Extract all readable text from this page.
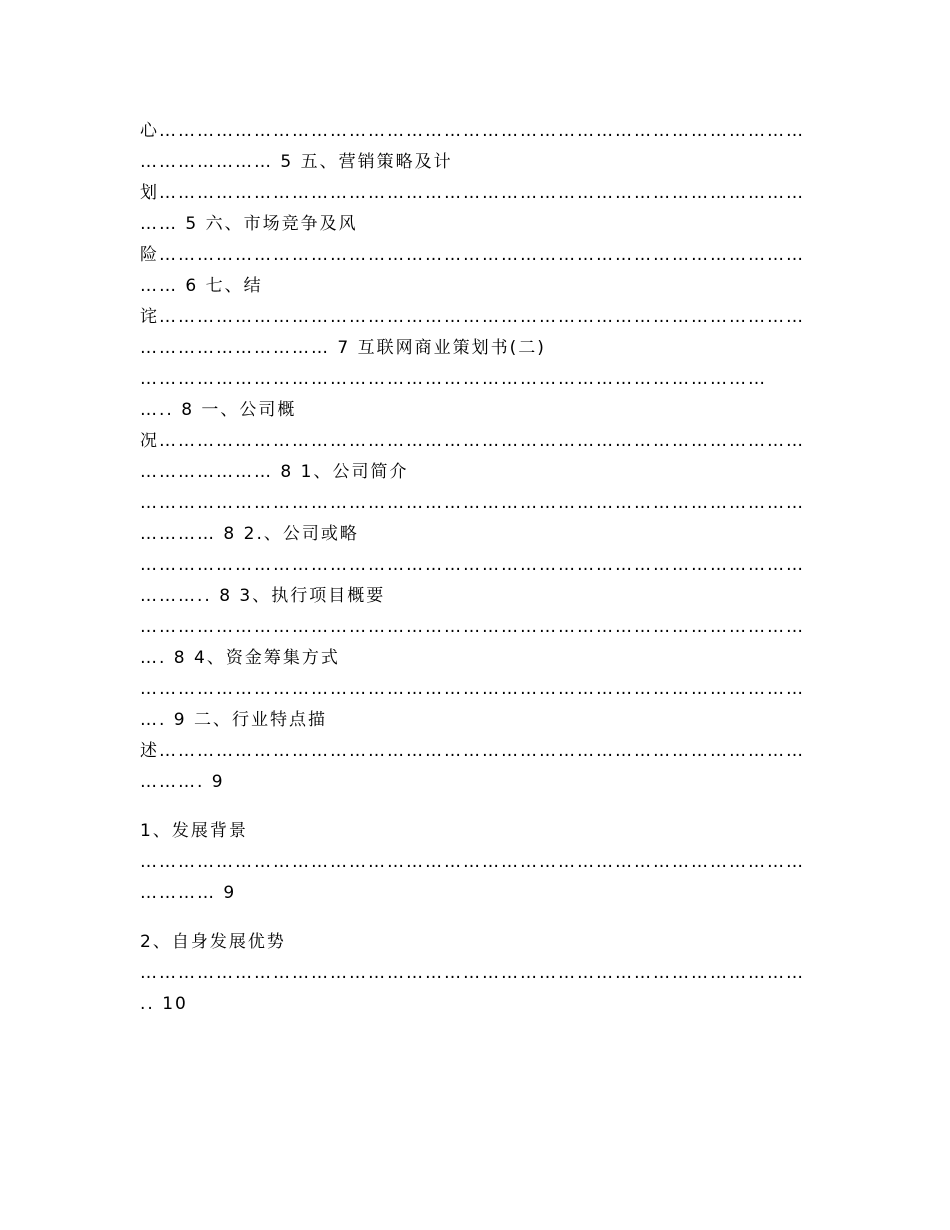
心…………………………………………………………………………………………
………………… 5 五、营销策略及计
划…………………………………………………………………………………………
…… 5 六、市场竞争及风
险…………………………………………………………………………………………
…… 6 七、结
诧…………………………………………………………………………………………
………………………… 7 互联网商业策划书(二)
………………………………………………………………………………………
….. 8 一、公司概
况…………………………………………………………………………………………
………………… 8 1、公司简介
……………………………………………………………………………………………
………… 8 2.、公司或略
……………………………………………………………………………………………
……….. 8 3、执行项目概要
……………………………………………………………………………………………
…. 8 4、资金筹集方式
……………………………………………………………………………………………
…. 9 二、行业特点描
述…………………………………………………………………………………………
………. 9
1、发展背景
……………………………………………………………………………………………
………… 9
2、自身发展优势
……………………………………………………………………………………………
.. 10
